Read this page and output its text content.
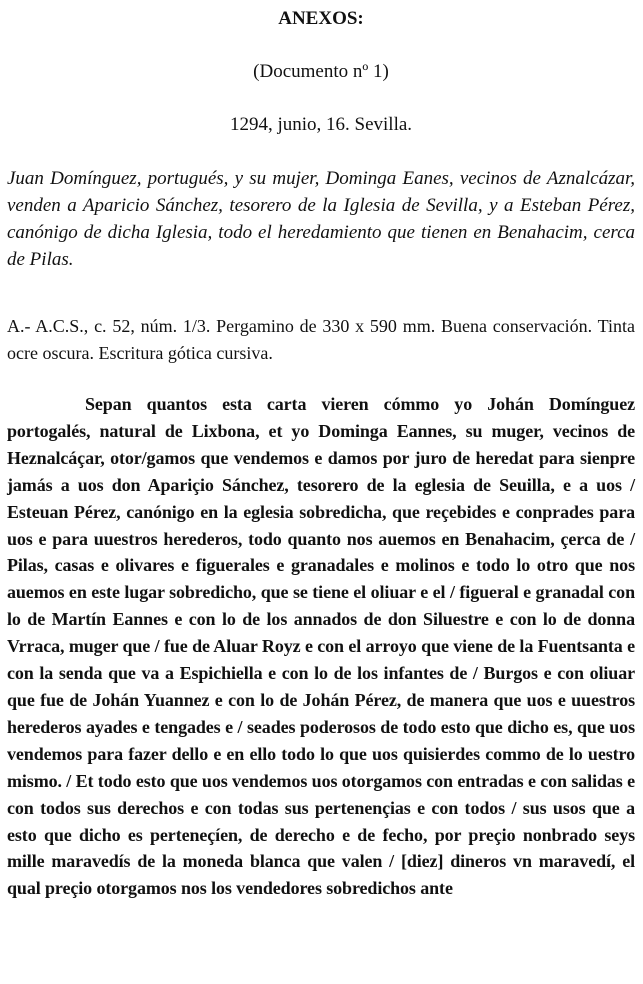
ANEXOS:
(Documento nº 1)
1294, junio, 16. Sevilla.

Juan Domínguez, portugués, y su mujer, Dominga Eanes, vecinos de Aznalcázar, venden a Aparicio Sánchez, tesorero de la Iglesia de Sevilla, y a Esteban Pérez, canónigo de dicha Iglesia, todo el heredamiento que tienen en Benahacim, cerca de Pilas.

A.- A.C.S., c. 52, núm. 1/3. Pergamino de 330 x 590 mm. Buena conservación. Tinta ocre oscura. Escritura gótica cursiva.

Sepan quantos esta carta vieren cómmo yo Johán Domínguez portogalés, natural de Lixbona, et yo Dominga Eannes, su muger, vecinos de Heznalcáçar, otor/gamos que vendemos e damos por juro de heredat para sienpre jamás a uos don Apariçio Sánchez, tesorero de la eglesia de Seuilla, e a uos / Esteuan Pérez, canónigo en la eglesia sobredicha, que reçebides e conprades para uos e para uuestros herederos, todo quanto nos auemos en Benahacim, çerca de / Pilas, casas e olivares e figuerales e granadales e molinos e todo lo otro que nos auemos en este lugar sobredicho, que se tiene el oliuar e el / figueral e granadal con lo de Martín Eannes e con lo de los annados de don Siluestre e con lo de donna Vrraca, muger que / fue de Aluar Royz e con el arroyo que viene de la Fuentsanta e con la senda que va a Espichiella e con lo de los infantes de / Burgos e con oliuar que fue de Johán Yuannez e con lo de Johán Pérez, de manera que uos e uuestros herederos ayades e tengades e / seades poderosos de todo esto que dicho es, que uos vendemos para fazer dello e en ello todo lo que uos quisierdes commo de lo uestro mismo. / Et todo esto que uos vendemos uos otorgamos con entradas e con salidas e con todos sus derechos e con todas sus pertenençias e con todos / sus usos que a esto que dicho es perteneçíen, de derecho e de fecho, por preçio nonbrado seys mille maravedís de la moneda blanca que valen / [diez] dineros vn maravedí, el qual preçio otorgamos nos los vendedores sobredichos ante
